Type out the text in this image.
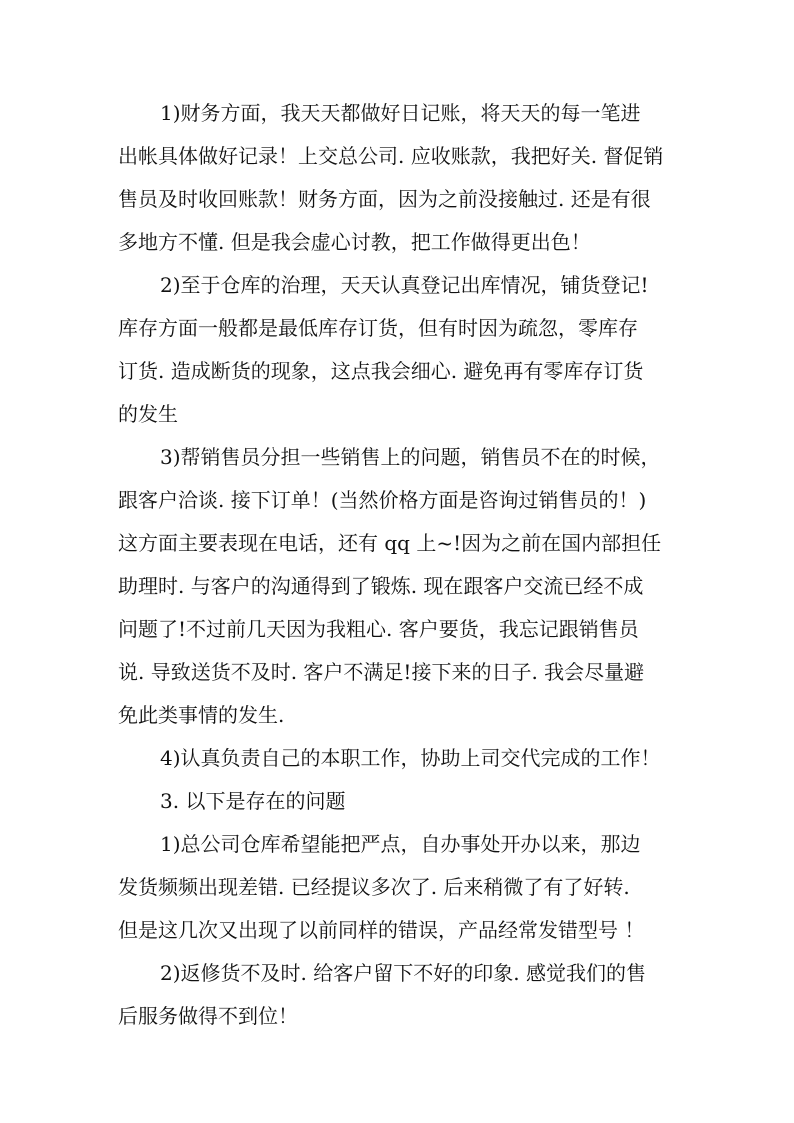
1)财务方面，我天天都做好日记账，将天天的每一笔进
出帐具体做好记录！上交总公司. 应收账款，我把好关. 督促销
售员及时收回账款！财务方面，因为之前没接触过. 还是有很
多地方不懂. 但是我会虚心讨教，把工作做得更出色！
2)至于仓库的治理，天天认真登记出库情况，铺货登记!
库存方面一般都是最低库存订货，但有时因为疏忽，零库存
订货. 造成断货的现象，这点我会细心. 避免再有零库存订货
的发生
3)帮销售员分担一些销售上的问题，销售员不在的时候，
跟客户洽谈. 接下订单！(当然价格方面是咨询过销售员的！)
这方面主要表现在电话，还有 qq 上~!因为之前在国内部担任
助理时. 与客户的沟通得到了锻炼. 现在跟客户交流已经不成
问题了!不过前几天因为我粗心. 客户要货，我忘记跟销售员
说. 导致送货不及时. 客户不满足!接下来的日子. 我会尽量避
免此类事情的发生.
4)认真负责自己的本职工作，协助上司交代完成的工作！
3. 以下是存在的问题
1)总公司仓库希望能把严点，自办事处开办以来，那边
发货频频出现差错. 已经提议多次了. 后来稍微了有了好转.
但是这几次又出现了以前同样的错误，产品经常发错型号 ！
2)返修货不及时. 给客户留下不好的印象. 感觉我们的售
后服务做得不到位！
